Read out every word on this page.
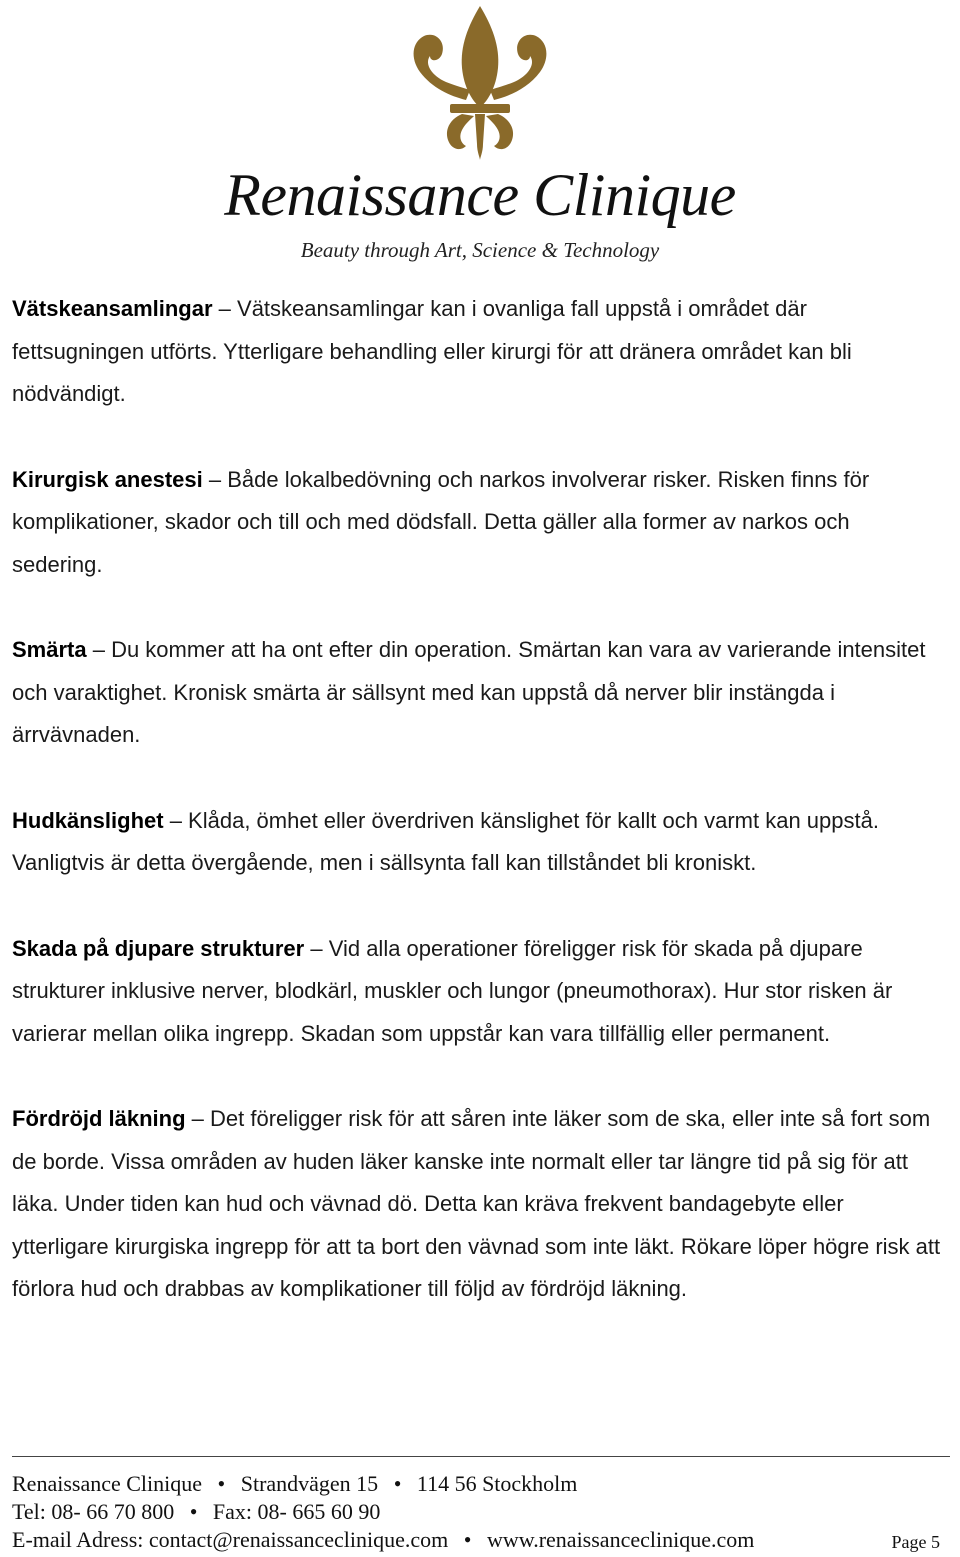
Renaissance Clinique
Beauty through Art, Science & Technology

Vätskeansamlingar – Vätskeansamlingar kan i ovanliga fall uppstå i området där fettsugningen utförts. Ytterligare behandling eller kirurgi för att dränera området kan bli nödvändigt.

Kirurgisk anestesi – Både lokalbedövning och narkos involverar risker. Risken finns för komplikationer, skador och till och med dödsfall. Detta gäller alla former av narkos och sedering.

Smärta – Du kommer att ha ont efter din operation. Smärtan kan vara av varierande intensitet och varaktighet. Kronisk smärta är sällsynt med kan uppstå då nerver blir instängda i ärrvävnaden.

Hudkänslighet – Klåda, ömhet eller överdriven känslighet för kallt och varmt kan uppstå. Vanligtvis är detta övergående, men i sällsynta fall kan tillståndet bli kroniskt.

Skada på djupare strukturer – Vid alla operationer föreligger risk för skada på djupare strukturer inklusive nerver, blodkärl, muskler och lungor (pneumothorax). Hur stor risken är varierar mellan olika ingrepp. Skadan som uppstår kan vara tillfällig eller permanent.

Fördröjd läkning – Det föreligger risk för att såren inte läker som de ska, eller inte så fort som de borde. Vissa områden av huden läker kanske inte normalt eller tar längre tid på sig för att läka. Under tiden kan hud och vävnad dö. Detta kan kräva frekvent bandagebyte eller ytterligare kirurgiska ingrepp för att ta bort den vävnad som inte läkt. Rökare löper högre risk att förlora hud och drabbas av komplikationer till följd av fördröjd läkning.

Renaissance Clinique • Strandvägen 15 • 114 56 Stockholm
Tel: 08- 66 70 800 • Fax: 08- 665 60 90
E-mail Adress: contact@renaissanceclinique.com • www.renaissanceclinique.com	Page 5
